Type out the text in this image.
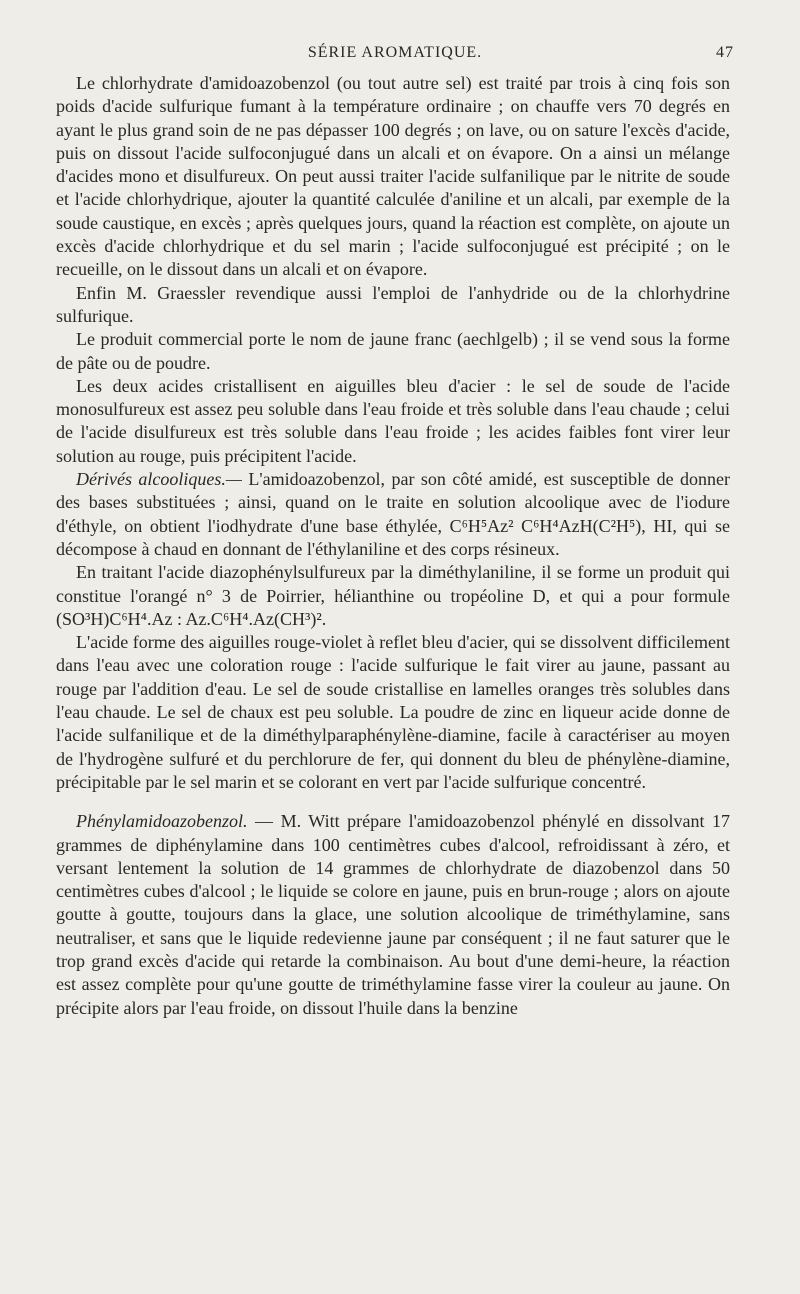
SÉRIE AROMATIQUE.	47

Le chlorhydrate d'amidoazobenzol (ou tout autre sel) est traité par trois à cinq fois son poids d'acide sulfurique fumant à la température ordinaire ; on chauffe vers 70 degrés en ayant le plus grand soin de ne pas dépasser 100 degrés ; on lave, ou on sature l'excès d'acide, puis on dissout l'acide sulfoconjugué dans un alcali et on évapore. On a ainsi un mélange d'acides mono et disulfureux. On peut aussi traiter l'acide sulfanilique par le nitrite de soude et l'acide chlorhydrique, ajouter la quantité calculée d'aniline et un alcali, par exemple de la soude caustique, en excès ; après quelques jours, quand la réaction est complète, on ajoute un excès d'acide chlorhydrique et du sel marin ; l'acide sulfoconjugué est précipité ; on le recueille, on le dissout dans un alcali et on évapore.

Enfin M. Graessler revendique aussi l'emploi de l'anhydride ou de la chlorhydrine sulfurique.

Le produit commercial porte le nom de jaune franc (aechlgelb) ; il se vend sous la forme de pâte ou de poudre.

Les deux acides cristallisent en aiguilles bleu d'acier : le sel de soude de l'acide monosulfureux est assez peu soluble dans l'eau froide et très soluble dans l'eau chaude ; celui de l'acide disulfureux est très soluble dans l'eau froide ; les acides faibles font virer leur solution au rouge, puis précipitent l'acide.

Dérivés alcooliques.— L'amidoazobenzol, par son côté amidé, est susceptible de donner des bases substituées ; ainsi, quand on le traite en solution alcoolique avec de l'iodure d'éthyle, on obtient l'iodhydrate d'une base éthylée, C⁶H⁵Az² C⁶H⁴AzH(C²H⁵), HI, qui se décompose à chaud en donnant de l'éthylaniline et des corps résineux.

En traitant l'acide diazophénylsulfureux par la diméthylaniline, il se forme un produit qui constitue l'orangé n° 3 de Poirrier, hélianthine ou tropéoline D, et qui a pour formule (SO³H)C⁶H⁴.Az : Az.C⁶H⁴.Az(CH³)².

L'acide forme des aiguilles rouge-violet à reflet bleu d'acier, qui se dissolvent difficilement dans l'eau avec une coloration rouge : l'acide sulfurique le fait virer au jaune, passant au rouge par l'addition d'eau. Le sel de soude cristallise en lamelles oranges très solubles dans l'eau chaude. Le sel de chaux est peu soluble. La poudre de zinc en liqueur acide donne de l'acide sulfanilique et de la diméthylparaphénylène-diamine, facile à caractériser au moyen de l'hydrogène sulfuré et du perchlorure de fer, qui donnent du bleu de phénylène-diamine, précipitable par le sel marin et se colorant en vert par l'acide sulfurique concentré.

Phénylamidoazobenzol. — M. Witt prépare l'amidoazobenzol phénylé en dissolvant 17 grammes de diphénylamine dans 100 centimètres cubes d'alcool, refroidissant à zéro, et versant lentement la solution de 14 grammes de chlorhydrate de diazobenzol dans 50 centimètres cubes d'alcool ; le liquide se colore en jaune, puis en brun-rouge ; alors on ajoute goutte à goutte, toujours dans la glace, une solution alcoolique de triméthylamine, sans neutraliser, et sans que le liquide redevienne jaune par conséquent ; il ne faut saturer que le trop grand excès d'acide qui retarde la combinaison. Au bout d'une demi-heure, la réaction est assez complète pour qu'une goutte de triméthylamine fasse virer la couleur au jaune. On précipite alors par l'eau froide, on dissout l'huile dans la benzine
